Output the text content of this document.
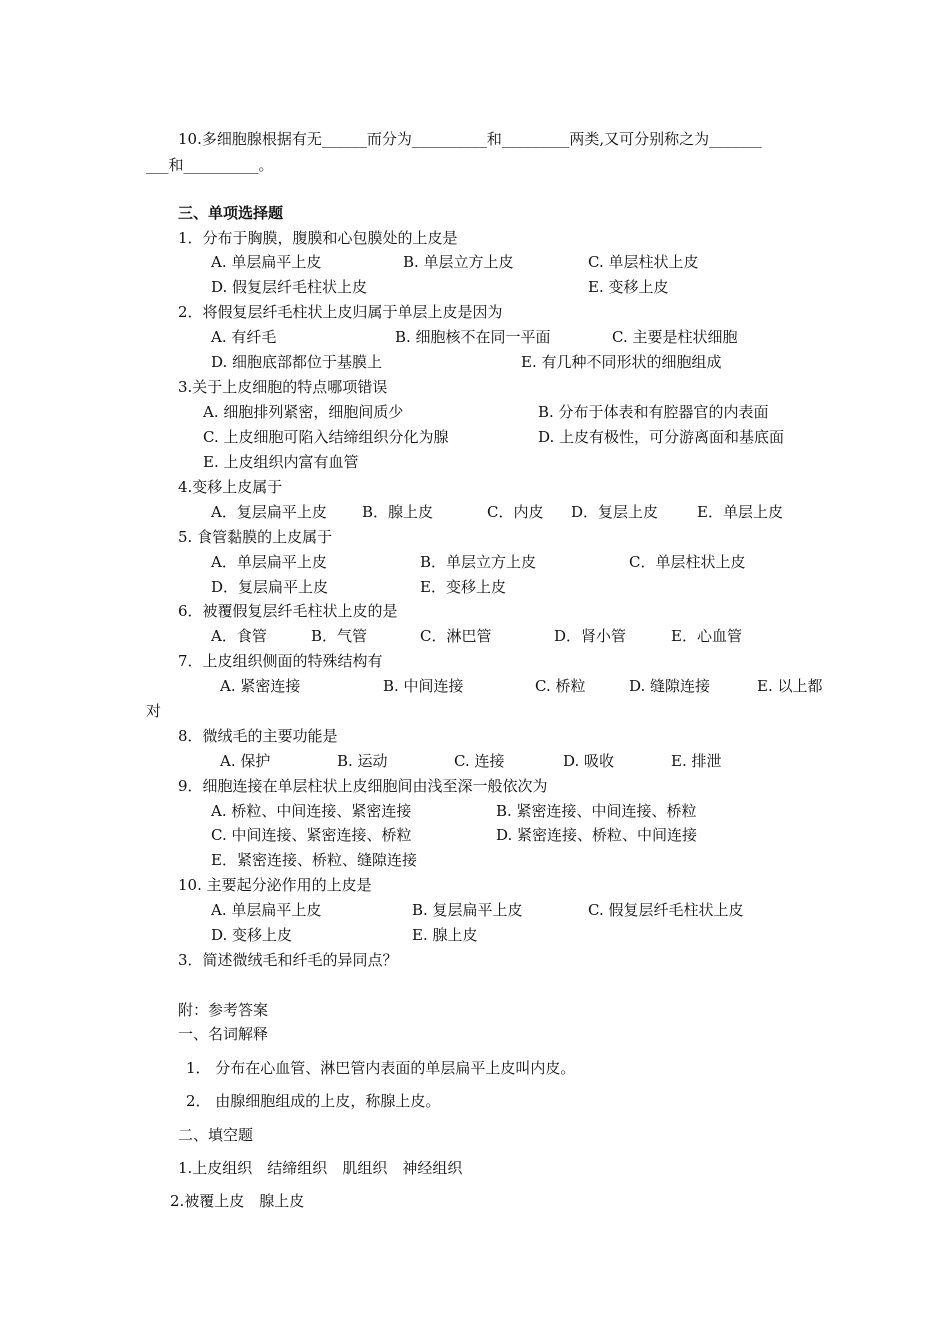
10.多细胞腺根据有无______而分为__________和_________两类,又可分别称之为_______
___和__________。
三、单项选择题
1．分布于胸膜，腹膜和心包膜处的上皮是
A. 单层扁平上皮	B. 单层立方上皮	C. 单层柱状上皮
D. 假复层纤毛柱状上皮	E. 变移上皮
2．将假复层纤毛柱状上皮归属于单层上皮是因为
A. 有纤毛	B. 细胞核不在同一平面	C. 主要是柱状细胞
D. 细胞底部都位于基膜上	E. 有几种不同形状的细胞组成
3.关于上皮细胞的特点哪项错误
A. 细胞排列紧密，细胞间质少	B. 分布于体表和有腔器官的内表面
C. 上皮细胞可陷入结缔组织分化为腺	D. 上皮有极性，可分游离面和基底面
E. 上皮组织内富有血管
4.变移上皮属于
A．复层扁平上皮 B．腺上皮	C．内皮 D．复层上皮	E．单层上皮
5. 食管黏膜的上皮属于
A．单层扁平上皮	B．单层立方上皮	C．单层柱状上皮
D．复层扁平上皮	E．变移上皮
6．被覆假复层纤毛柱状上皮的是
A．食管	B．气管	C．淋巴管	D．肾小管	E．心血管
7．上皮组织侧面的特殊结构有
A. 紧密连接	B. 中间连接	C. 桥粒	D. 缝隙连接	E. 以上都
对
8．微绒毛的主要功能是
A. 保护	B. 运动	C. 连接	D. 吸收	E. 排泄
9．细胞连接在单层柱状上皮细胞间由浅至深一般依次为
A. 桥粒、中间连接、紧密连接	B. 紧密连接、中间连接、桥粒
C. 中间连接、紧密连接、桥粒	D. 紧密连接、桥粒、中间连接
E．紧密连接、桥粒、缝隙连接
10. 主要起分泌作用的上皮是
A. 单层扁平上皮	B. 复层扁平上皮	C. 假复层纤毛柱状上皮
D. 变移上皮	E. 腺上皮
3．简述微绒毛和纤毛的异同点？
附：参考答案
一、名词解释
1． 分布在心血管、淋巴管内表面的单层扁平上皮叫内皮。
2． 由腺细胞组成的上皮，称腺上皮。
二、填空题
1.上皮组织　结缔组织　肌组织　神经组织
2.被覆上皮　腺上皮
